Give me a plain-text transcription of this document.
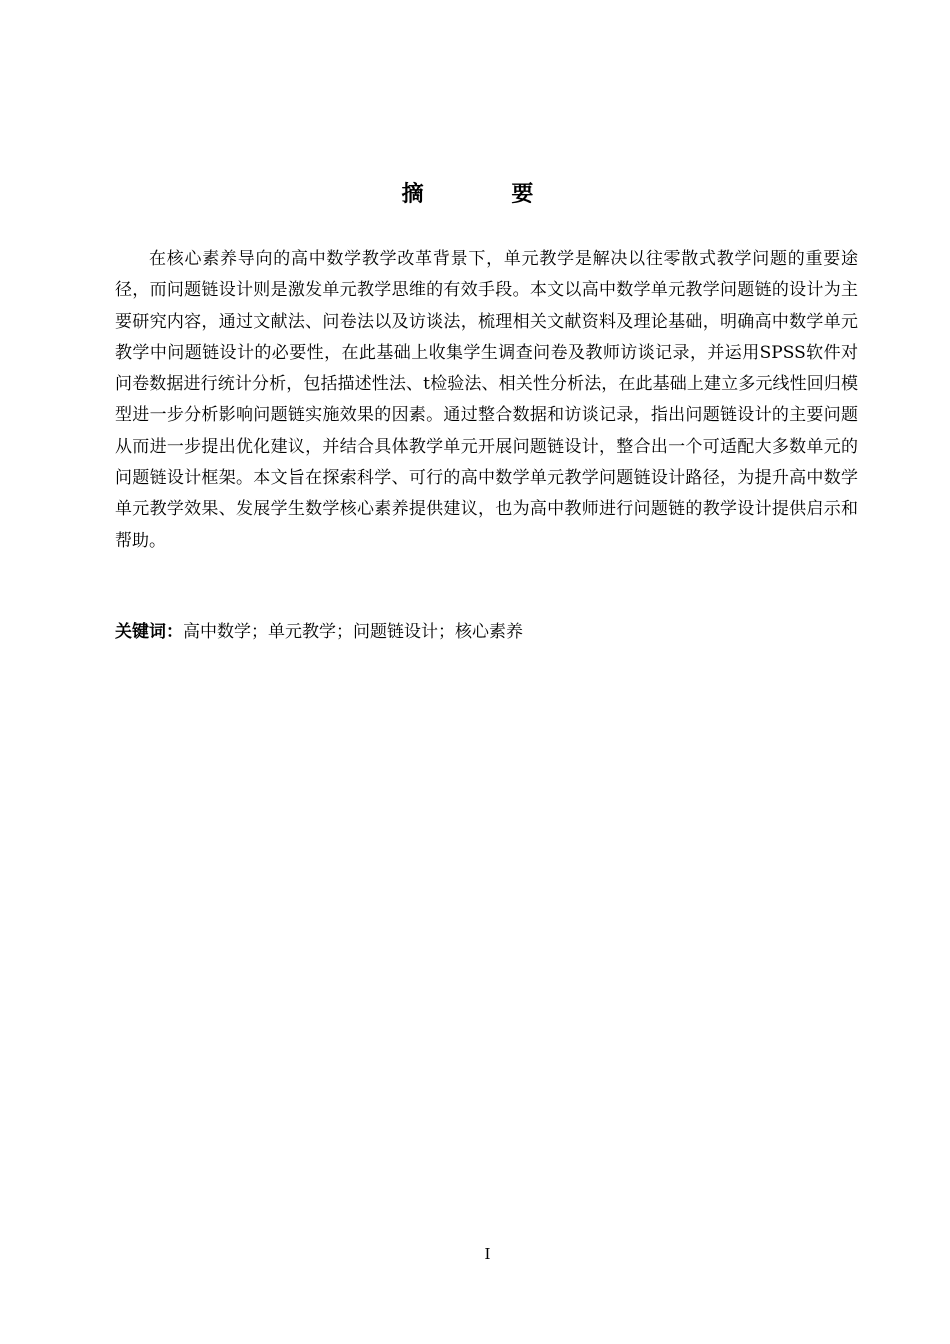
摘 要

在核心素养导向的高中数学教学改革背景下，单元教学是解决以往零散式教学问题的重要途径，而问题链设计则是激发单元教学思维的有效手段。本文以高中数学单元教学问题链的设计为主要研究内容，通过文献法、问卷法以及访谈法，梳理相关文献资料及理论基础，明确高中数学单元教学中问题链设计的必要性，在此基础上收集学生调查问卷及教师访谈记录，并运用SPSS软件对问卷数据进行统计分析，包括描述性法、t检验法、相关性分析法，在此基础上建立多元线性回归模型进一步分析影响问题链实施效果的因素。通过整合数据和访谈记录，指出问题链设计的主要问题从而进一步提出优化建议，并结合具体教学单元开展问题链设计，整合出一个可适配大多数单元的问题链设计框架。本文旨在探索科学、可行的高中数学单元教学问题链设计路径，为提升高中数学单元教学效果、发展学生数学核心素养提供建议，也为高中教师进行问题链的教学设计提供启示和帮助。

关键词：高中数学；单元教学；问题链设计；核心素养

I
